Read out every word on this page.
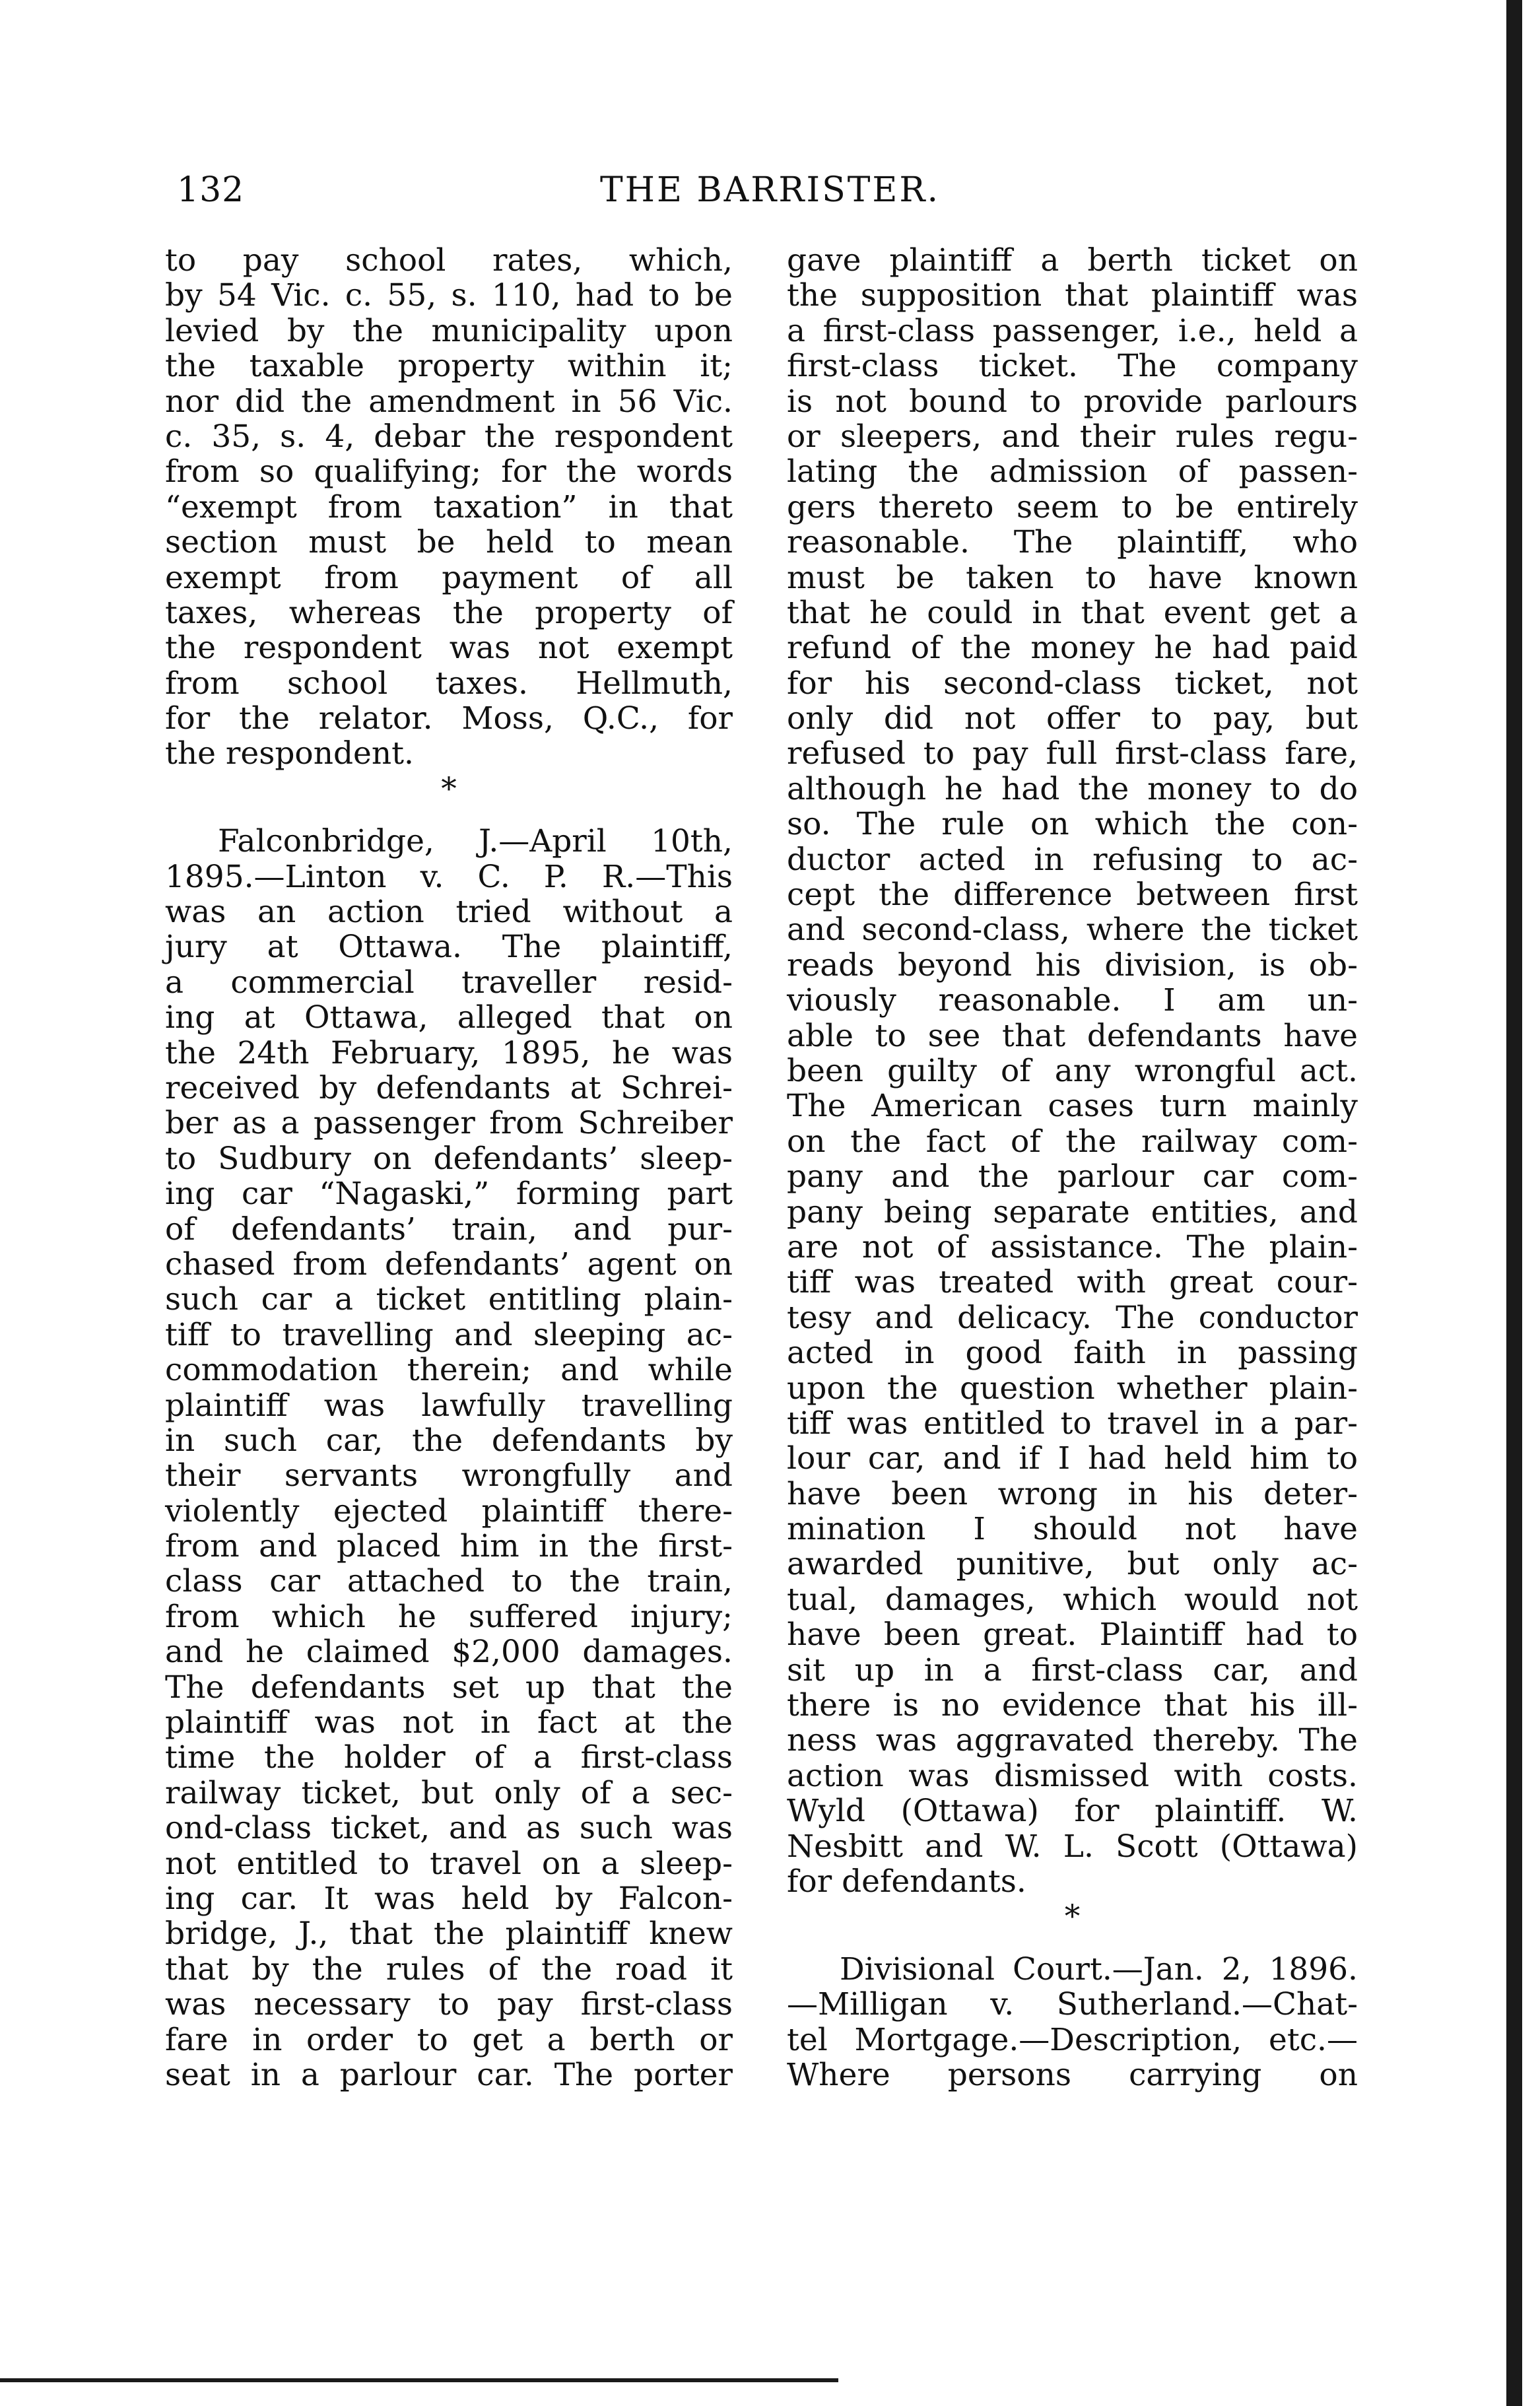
132	THE BARRISTER.
to pay school rates, which,
by 54 Vic. c. 55, s. 110, had to be
levied by the municipality upon
the taxable property within it;
nor did the amendment in 56 Vic.
c. 35, s. 4, debar the respondent
from so qualifying; for the words
“exempt from taxation” in that
section must be held to mean
exempt from payment of all
taxes, whereas the property of
the respondent was not exempt
from school taxes. Hellmuth,
for the relator. Moss, Q.C., for
the respondent.
*
Falconbridge, J.—April 10th,
1895.—Linton v. C. P. R.—This
was an action tried without a
jury at Ottawa. The plaintiff,
a commercial traveller resid-
ing at Ottawa, alleged that on
the 24th February, 1895, he was
received by defendants at Schrei-
ber as a passenger from Schreiber
to Sudbury on defendants’ sleep-
ing car “Nagaski,” forming part
of defendants’ train, and pur-
chased from defendants’ agent on
such car a ticket entitling plain-
tiff to travelling and sleeping ac-
commodation therein; and while
plaintiff was lawfully travelling
in such car, the defendants by
their servants wrongfully and
violently ejected plaintiff there-
from and placed him in the first-
class car attached to the train,
from which he suffered injury;
and he claimed $2,000 damages.
The defendants set up that the
plaintiff was not in fact at the
time the holder of a first-class
railway ticket, but only of a sec-
ond-class ticket, and as such was
not entitled to travel on a sleep-
ing car. It was held by Falcon-
bridge, J., that the plaintiff knew
that by the rules of the road it
was necessary to pay first-class
fare in order to get a berth or
seat in a parlour car. The porter
gave plaintiff a berth ticket on
the supposition that plaintiff was
a first-class passenger, i.e., held a
first-class ticket. The company
is not bound to provide parlours
or sleepers, and their rules regu-
lating the admission of passen-
gers thereto seem to be entirely
reasonable. The plaintiff, who
must be taken to have known
that he could in that event get a
refund of the money he had paid
for his second-class ticket, not
only did not offer to pay, but
refused to pay full first-class fare,
although he had the money to do
so. The rule on which the con-
ductor acted in refusing to ac-
cept the difference between first
and second-class, where the ticket
reads beyond his division, is ob-
viously reasonable. I am un-
able to see that defendants have
been guilty of any wrongful act.
The American cases turn mainly
on the fact of the railway com-
pany and the parlour car com-
pany being separate entities, and
are not of assistance. The plain-
tiff was treated with great cour-
tesy and delicacy. The conductor
acted in good faith in passing
upon the question whether plain-
tiff was entitled to travel in a par-
lour car, and if I had held him to
have been wrong in his deter-
mination I should not have
awarded punitive, but only ac-
tual, damages, which would not
have been great. Plaintiff had to
sit up in a first-class car, and
there is no evidence that his ill-
ness was aggravated thereby. The
action was dismissed with costs.
Wyld (Ottawa) for plaintiff. W.
Nesbitt and W. L. Scott (Ottawa)
for defendants.
*
Divisional Court.—Jan. 2, 1896.
—Milligan v. Sutherland.—Chat-
tel Mortgage.—Description, etc.—
Where persons carrying on
